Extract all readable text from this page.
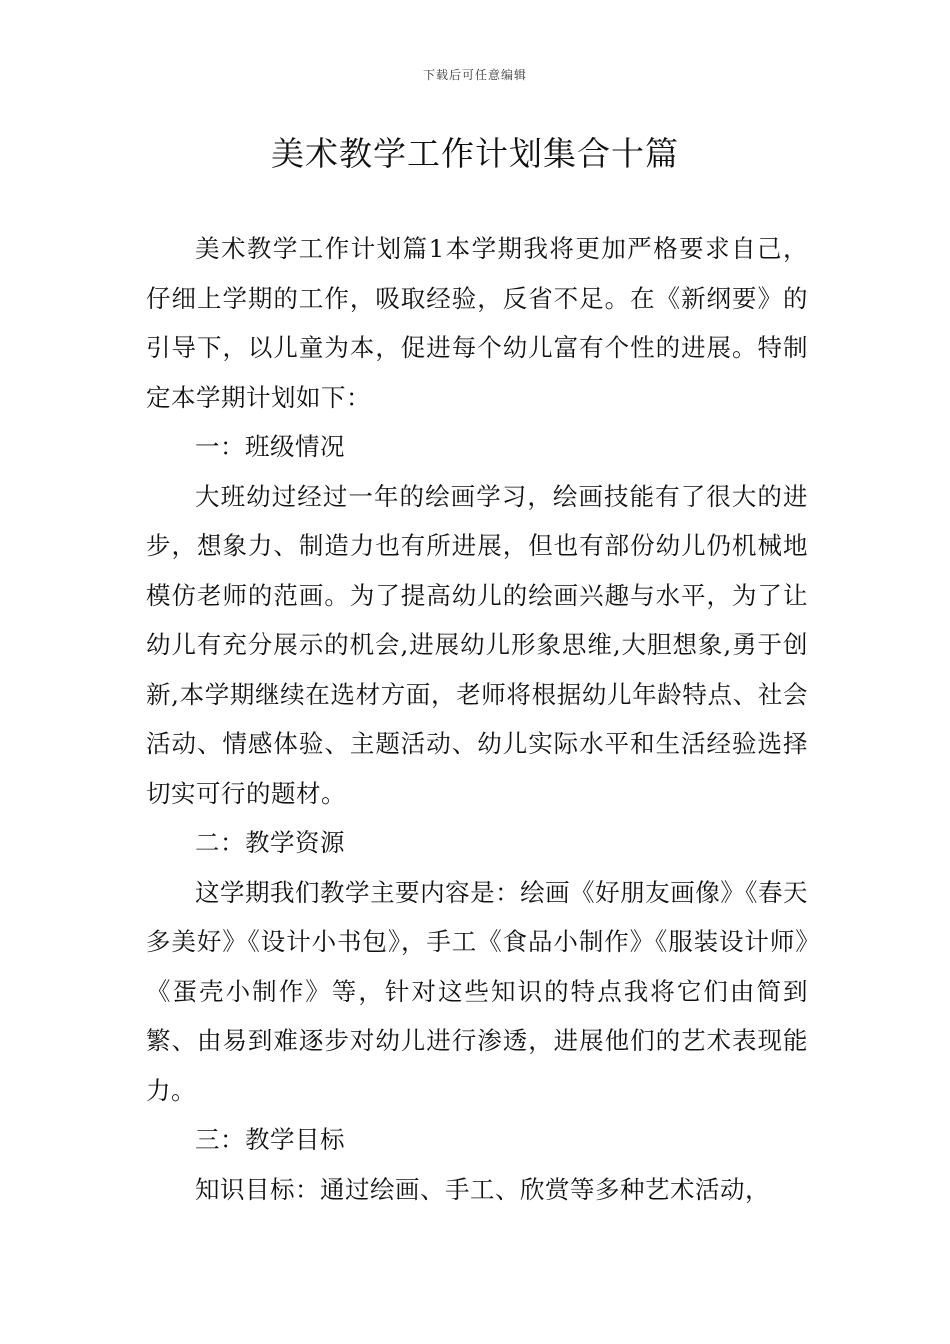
下载后可任意编辑
美术教学工作计划集合十篇

美术教学工作计划篇1本学期我将更加严格要求自己，仔细上学期的工作，吸取经验，反省不足。在《新纲要》的引导下，以儿童为本，促进每个幼儿富有个性的进展。特制定本学期计划如下：

一：班级情况

大班幼过经过一年的绘画学习，绘画技能有了很大的进步，想象力、制造力也有所进展，但也有部份幼儿仍机械地模仿老师的范画。为了提高幼儿的绘画兴趣与水平，为了让幼儿有充分展示的机会,进展幼儿形象思维,大胆想象,勇于创新,本学期继续在选材方面，老师将根据幼儿年龄特点、社会活动、情感体验、主题活动、幼儿实际水平和生活经验选择切实可行的题材。

二：教学资源

这学期我们教学主要内容是：绘画《好朋友画像》《春天多美好》《设计小书包》，手工《食品小制作》《服装设计师》《蛋壳小制作》等，针对这些知识的特点我将它们由简到繁、由易到难逐步对幼儿进行渗透，进展他们的艺术表现能力。

三：教学目标

知识目标：通过绘画、手工、欣赏等多种艺术活动，
